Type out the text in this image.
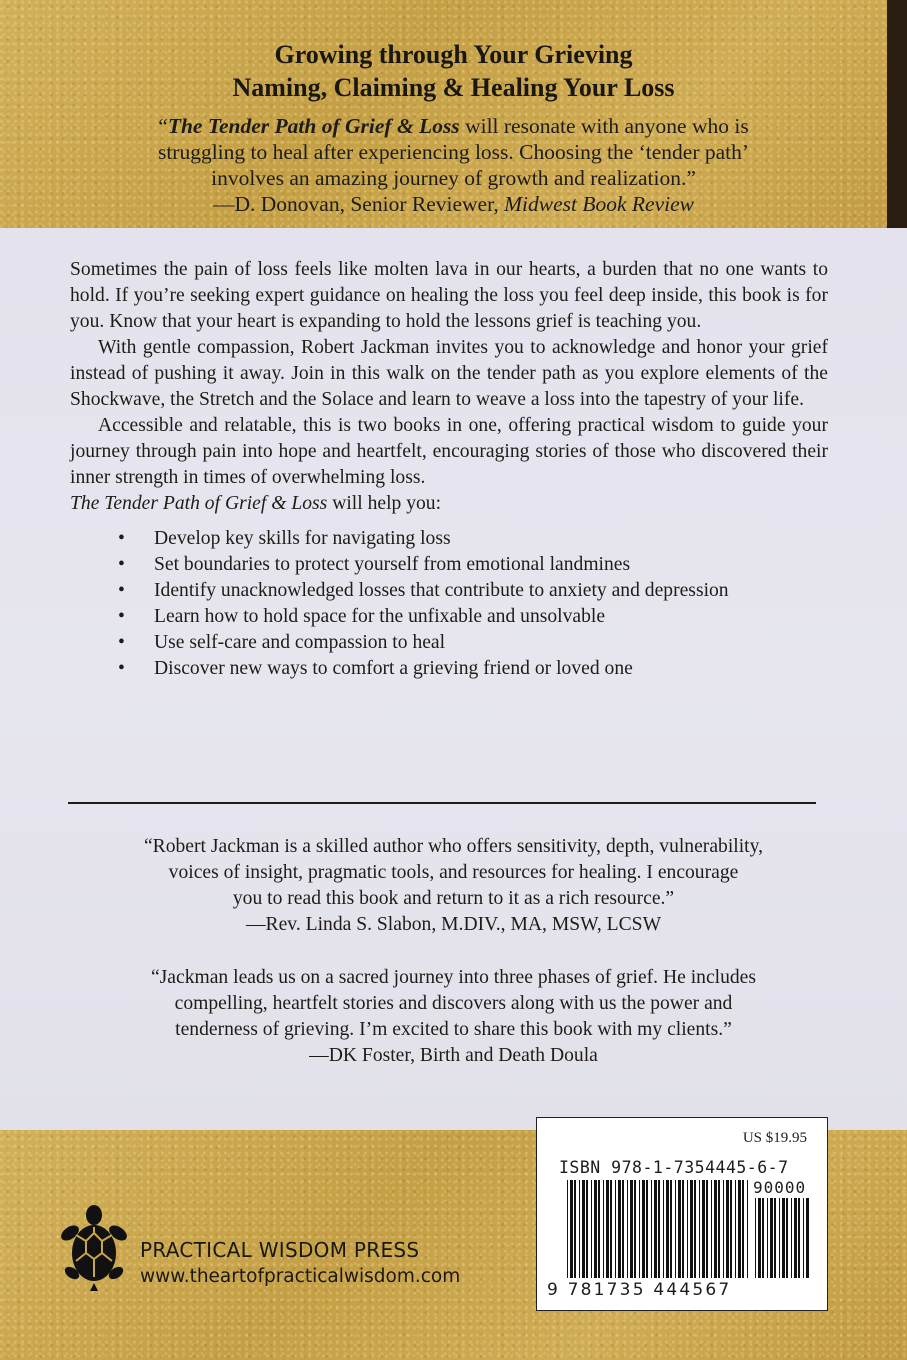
Growing through Your Grieving
Naming, Claiming & Healing Your Loss
“The Tender Path of Grief & Loss will resonate with anyone who is
struggling to heal after experiencing loss. Choosing the ‘tender path’
involves an amazing journey of growth and realization.”
—D. Donovan, Senior Reviewer, Midwest Book Review

Sometimes the pain of loss feels like molten lava in our hearts, a burden that no one wants to hold. If you’re seeking expert guidance on healing the loss you feel deep inside, this book is for you. Know that your heart is expanding to hold the lessons grief is teaching you.

With gentle compassion, Robert Jackman invites you to acknowledge and honor your grief instead of pushing it away. Join in this walk on the tender path as you explore elements of the Shockwave, the Stretch and the Solace and learn to weave a loss into the tapestry of your life.

Accessible and relatable, this is two books in one, offering practical wisdom to guide your journey through pain into hope and heartfelt, encouraging stories of those who discovered their inner strength in times of overwhelming loss.

The Tender Path of Grief & Loss will help you:

• Develop key skills for navigating loss
• Set boundaries to protect yourself from emotional landmines
• Identify unacknowledged losses that contribute to anxiety and depression
• Learn how to hold space for the unfixable and unsolvable
• Use self-care and compassion to heal
• Discover new ways to comfort a grieving friend or loved one
“Robert Jackman is a skilled author who offers sensitivity, depth, vulnerability,
voices of insight, pragmatic tools, and resources for healing. I encourage
you to read this book and return to it as a rich resource.”
—Rev. Linda S. Slabon, M.DIV., MA, MSW, LCSW
“Jackman leads us on a sacred journey into three phases of grief. He includes
compelling, heartfelt stories and discovers along with us the power and
tenderness of grieving. I’m excited to share this book with my clients.”
—DK Foster, Birth and Death Doula
US $19.95
ISBN 978-1-7354445-6-7
90000
9 781735 444567
PRACTICAL WISDOM PRESS
www.theartofpracticalwisdom.com
